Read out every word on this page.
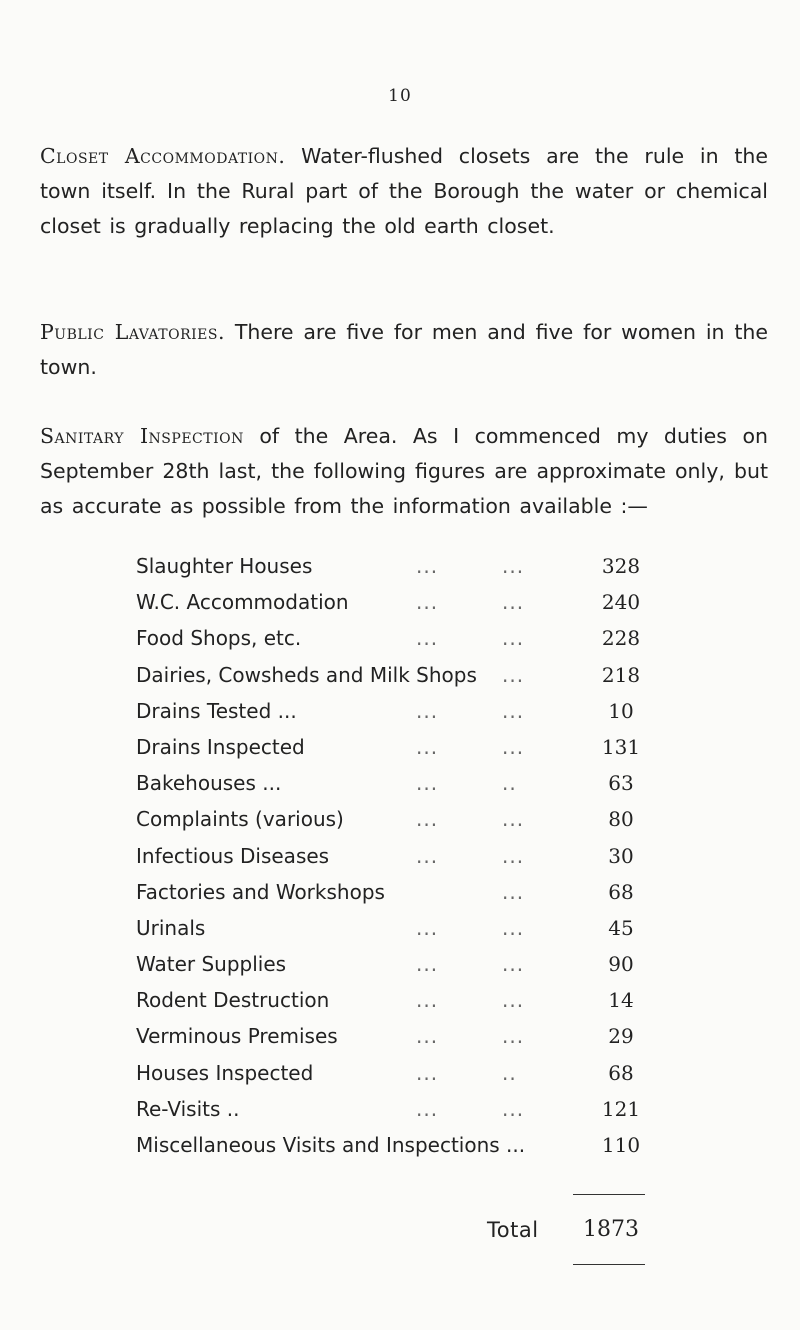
10

Closet Accommodation. Water-flushed closets are the rule in the town itself. In the Rural part of the Borough the water or chemical closet is gradually replacing the old earth closet.

Public Lavatories. There are five for men and five for women in the town.

Sanitary Inspection of the Area. As I commenced my duties on September 28th last, the following figures are approximate only, but as accurate as possible from the information available :—

Slaughter Houses	...	...	328
W.C. Accommodation	...	...	240
Food Shops, etc.	...	...	228
Dairies, Cowsheds and Milk Shops ...	218
Drains Tested ...	...	...	10
Drains Inspected	...	...	131
Bakehouses ...	...	..	63
Complaints (various)	...	...	80
Infectious Diseases	...	...	30
Factories and Workshops	...	68
Urinals	...	...	45
Water Supplies	...	...	90
Rodent Destruction	...	...	14
Verminous Premises	...	...	29
Houses Inspected	...	..	68
Re-Visits ..	...	...	121
Miscellaneous Visits and Inspections ...	110
Total	1873
